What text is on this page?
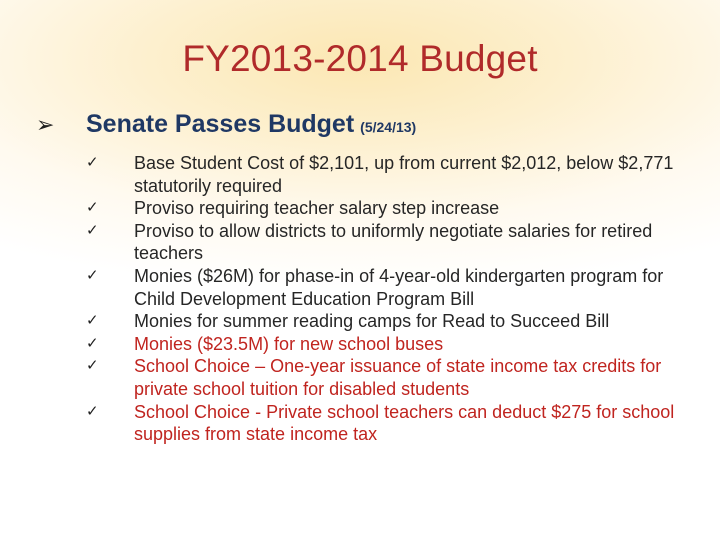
FY2013-2014 Budget
➢ Senate Passes Budget (5/24/13)
✓	Base Student Cost of $2,101, up from current $2,012, below $2,771 statutorily required
✓	Proviso requiring teacher salary step increase
✓	Proviso to allow districts to uniformly negotiate salaries for retired teachers
✓	Monies ($26M) for phase-in of 4-year-old kindergarten program for Child Development Education Program Bill
✓	Monies for summer reading camps for Read to Succeed Bill
✓	Monies ($23.5M) for new school buses
✓	School Choice – One-year issuance of state income tax credits for private school tuition for disabled students
✓	School Choice - Private school teachers can deduct $275 for school supplies from state income tax
